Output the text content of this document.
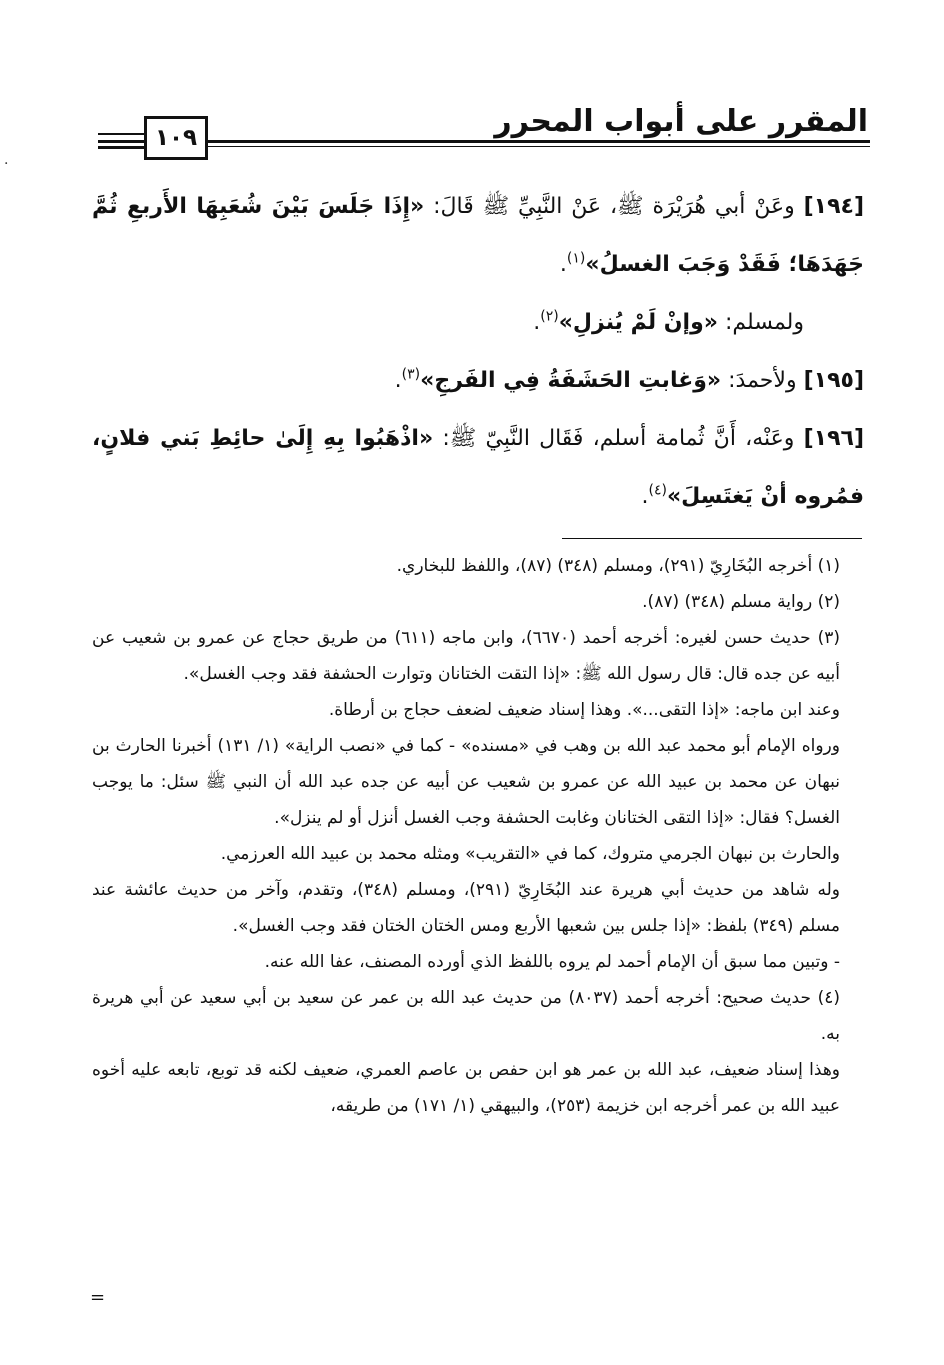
·
المقرر على أبواب المحرر
١٠٩

[١٩٤] وعَنْ أبي هُرَيْرَة ﷺ، عَنْ النَّبِيِّ ﷺ قَالَ: «إِذَا جَلَسَ بَيْنَ شُعَبِهَا الأَربعِ ثُمَّ جَهَدَهَا؛ فَقَدْ وَجَبَ الغسلُ»$^{(١)}$.

ولمسلم: «وإنْ لَمْ يُنزلِ»$^{(٢)}$.

[١٩٥] ولأحمدَ: «وَغابتِ الحَشَفَةُ فِي الفَرجِ»$^{(٣)}$.

[١٩٦] وعَنْه، أَنَّ ثُمامة أسلم، فَقَال النَّبِيّ ﷺ: «اذْهَبُوا بِهِ إِلَىٰ حائِطِ بَني فلانٍ، فمُروه أنْ يَغتَسِلَ»$^{(٤)}$.

(١) أخرجه البُخَارِيّ (٢٩١)، ومسلم (٣٤٨) (٨٧)، واللفظ للبخاري.

(٢) رواية مسلم (٣٤٨) (٨٧).

(٣) حديث حسن لغيره: أخرجه أحمد (٦٦٧٠)، وابن ماجه (٦١١) من طريق حجاج عن عمرو بن شعيب عن أبيه عن جده قال: قال رسول الله ﷺ: «إذا التقت الختانان وتوارت الحشفة فقد وجب الغسل».

وعند ابن ماجه: «إذا التقى...». وهذا إسناد ضعيف لضعف حجاج بن أرطاة.

ورواه الإمام أبو محمد عبد الله بن وهب في «مسنده» - كما في «نصب الراية» (١/ ١٣١) أخبرنا الحارث بن نبهان عن محمد بن عبيد الله عن عمرو بن شعيب عن أبيه عن جده عبد الله أن النبي ﷺ سئل: ما يوجب الغسل؟ فقال: «إذا التقى الختانان وغابت الحشفة وجب الغسل أنزل أو لم ينزل».

والحارث بن نبهان الجرمي متروك، كما في «التقريب» ومثله محمد بن عبيد الله العرزمي.

وله شاهد من حديث أبي هريرة عند البُخَارِيّ (٢٩١)، ومسلم (٣٤٨)، وتقدم، وآخر من حديث عائشة عند مسلم (٣٤٩) بلفظ: «إذا جلس بين شعبها الأربع ومس الختان الختان فقد وجب الغسل».

- وتبين مما سبق أن الإمام أحمد لم يروه باللفظ الذي أورده المصنف، عفا الله عنه.

(٤) حديث صحيح: أخرجه أحمد (٨٠٣٧) من حديث عبد الله بن عمر عن سعيد بن أبي سعيد عن أبي هريرة به.

وهذا إسناد ضعيف، عبد الله بن عمر هو ابن حفص بن عاصم العمري، ضعيف لكنه قد توبع، تابعه عليه أخوه عبيد الله بن عمر أخرجه ابن خزيمة (٢٥٣)، والبيهقي (١/ ١٧١) من طريقه،

=
